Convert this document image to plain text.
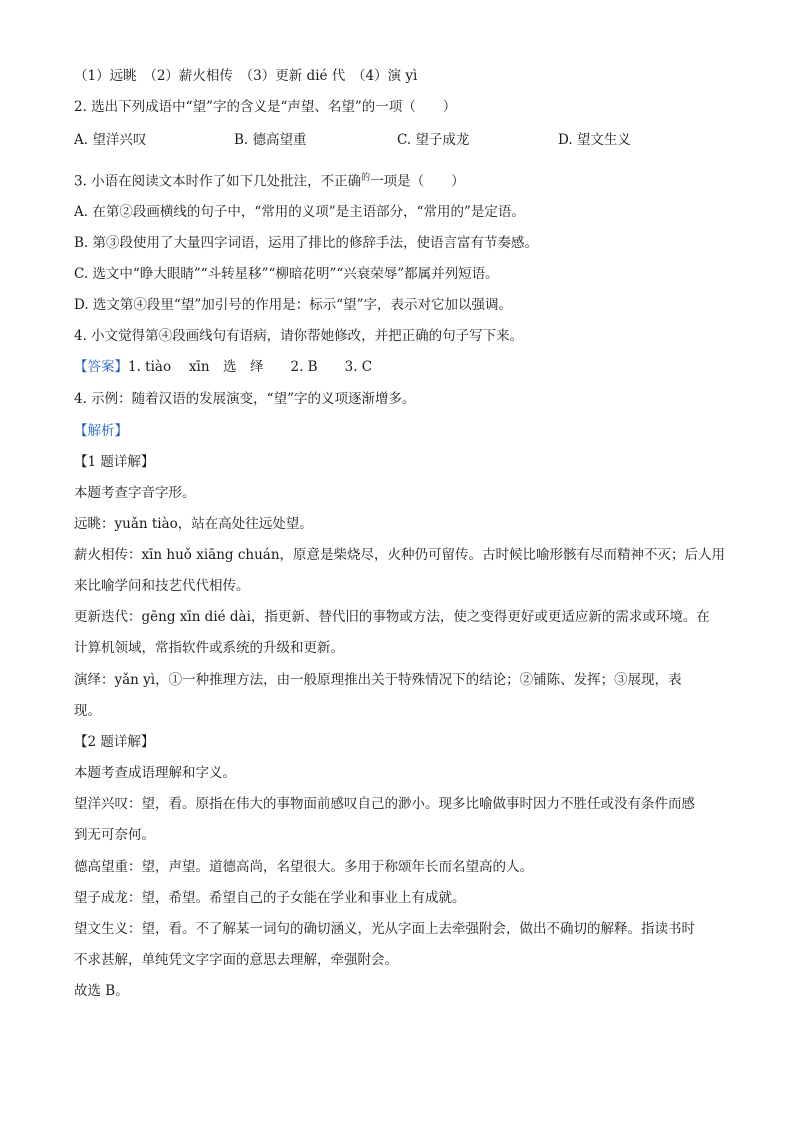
（1）远眺　（2）薪火相传　（3）更新 dié 代　（4）演 yì
2. 选出下列成语中“望”字的含义是“声望、名望”的一项（　　）
A. 望洋兴叹	B. 德高望重	C. 望子成龙	D. 望文生义
3. 小语在阅读文本时作了如下几处批注，不正确$^的$一项是（　　）
A. 在第②段画横线的句子中，“常用的义项”是主语部分，“常用的”是定语。
B. 第③段使用了大量四字词语，运用了排比的修辞手法，使语言富有节奏感。
C. 选文中“睁大眼睛”“斗转星移”“柳暗花明”“兴衰荣辱”都属并列短语。
D. 选文第④段里“望”加引号的作用是：标示“望”字，表示对它加以强调。
4. 小文觉得第④段画线句有语病，请你帮她修改，并把正确的句子写下来。
【答案】1. tiào　 xīn　选　绎　　2. B　　3. C
4. 示例：随着汉语的发展演变，“望”字的义项逐渐增多。
【解析】
【1 题详解】
本题考查字音字形。
远眺：yuǎn tiào，站在高处往远处望。
薪火相传：xīn huǒ xiāng chuán，原意是柴烧尽，火种仍可留传。古时候比喻形骸有尽而精神不灭；后人用
来比喻学问和技艺代代相传。
更新迭代：gēng xīn dié dài，指更新、替代旧的事物或方法，使之变得更好或更适应新的需求或环境。在
计算机领域，常指软件或系统的升级和更新。
演绎：yǎn yì，①一种推理方法，由一般原理推出关于特殊情况下的结论；②铺陈、发挥；③展现，表
现。
【2 题详解】
本题考查成语理解和字义。
望洋兴叹：望，看。原指在伟大的事物面前感叹自己的渺小。现多比喻做事时因力不胜任或没有条件而感
到无可奈何。
德高望重：望，声望。道德高尚，名望很大。多用于称颂年长而名望高的人。
望子成龙：望，希望。希望自己的子女能在学业和事业上有成就。
望文生义：望，看。不了解某一词句的确切涵义，光从字面上去牵强附会，做出不确切的解释。指读书时
不求甚解，单纯凭文字字面的意思去理解，牵强附会。
故选 B。
